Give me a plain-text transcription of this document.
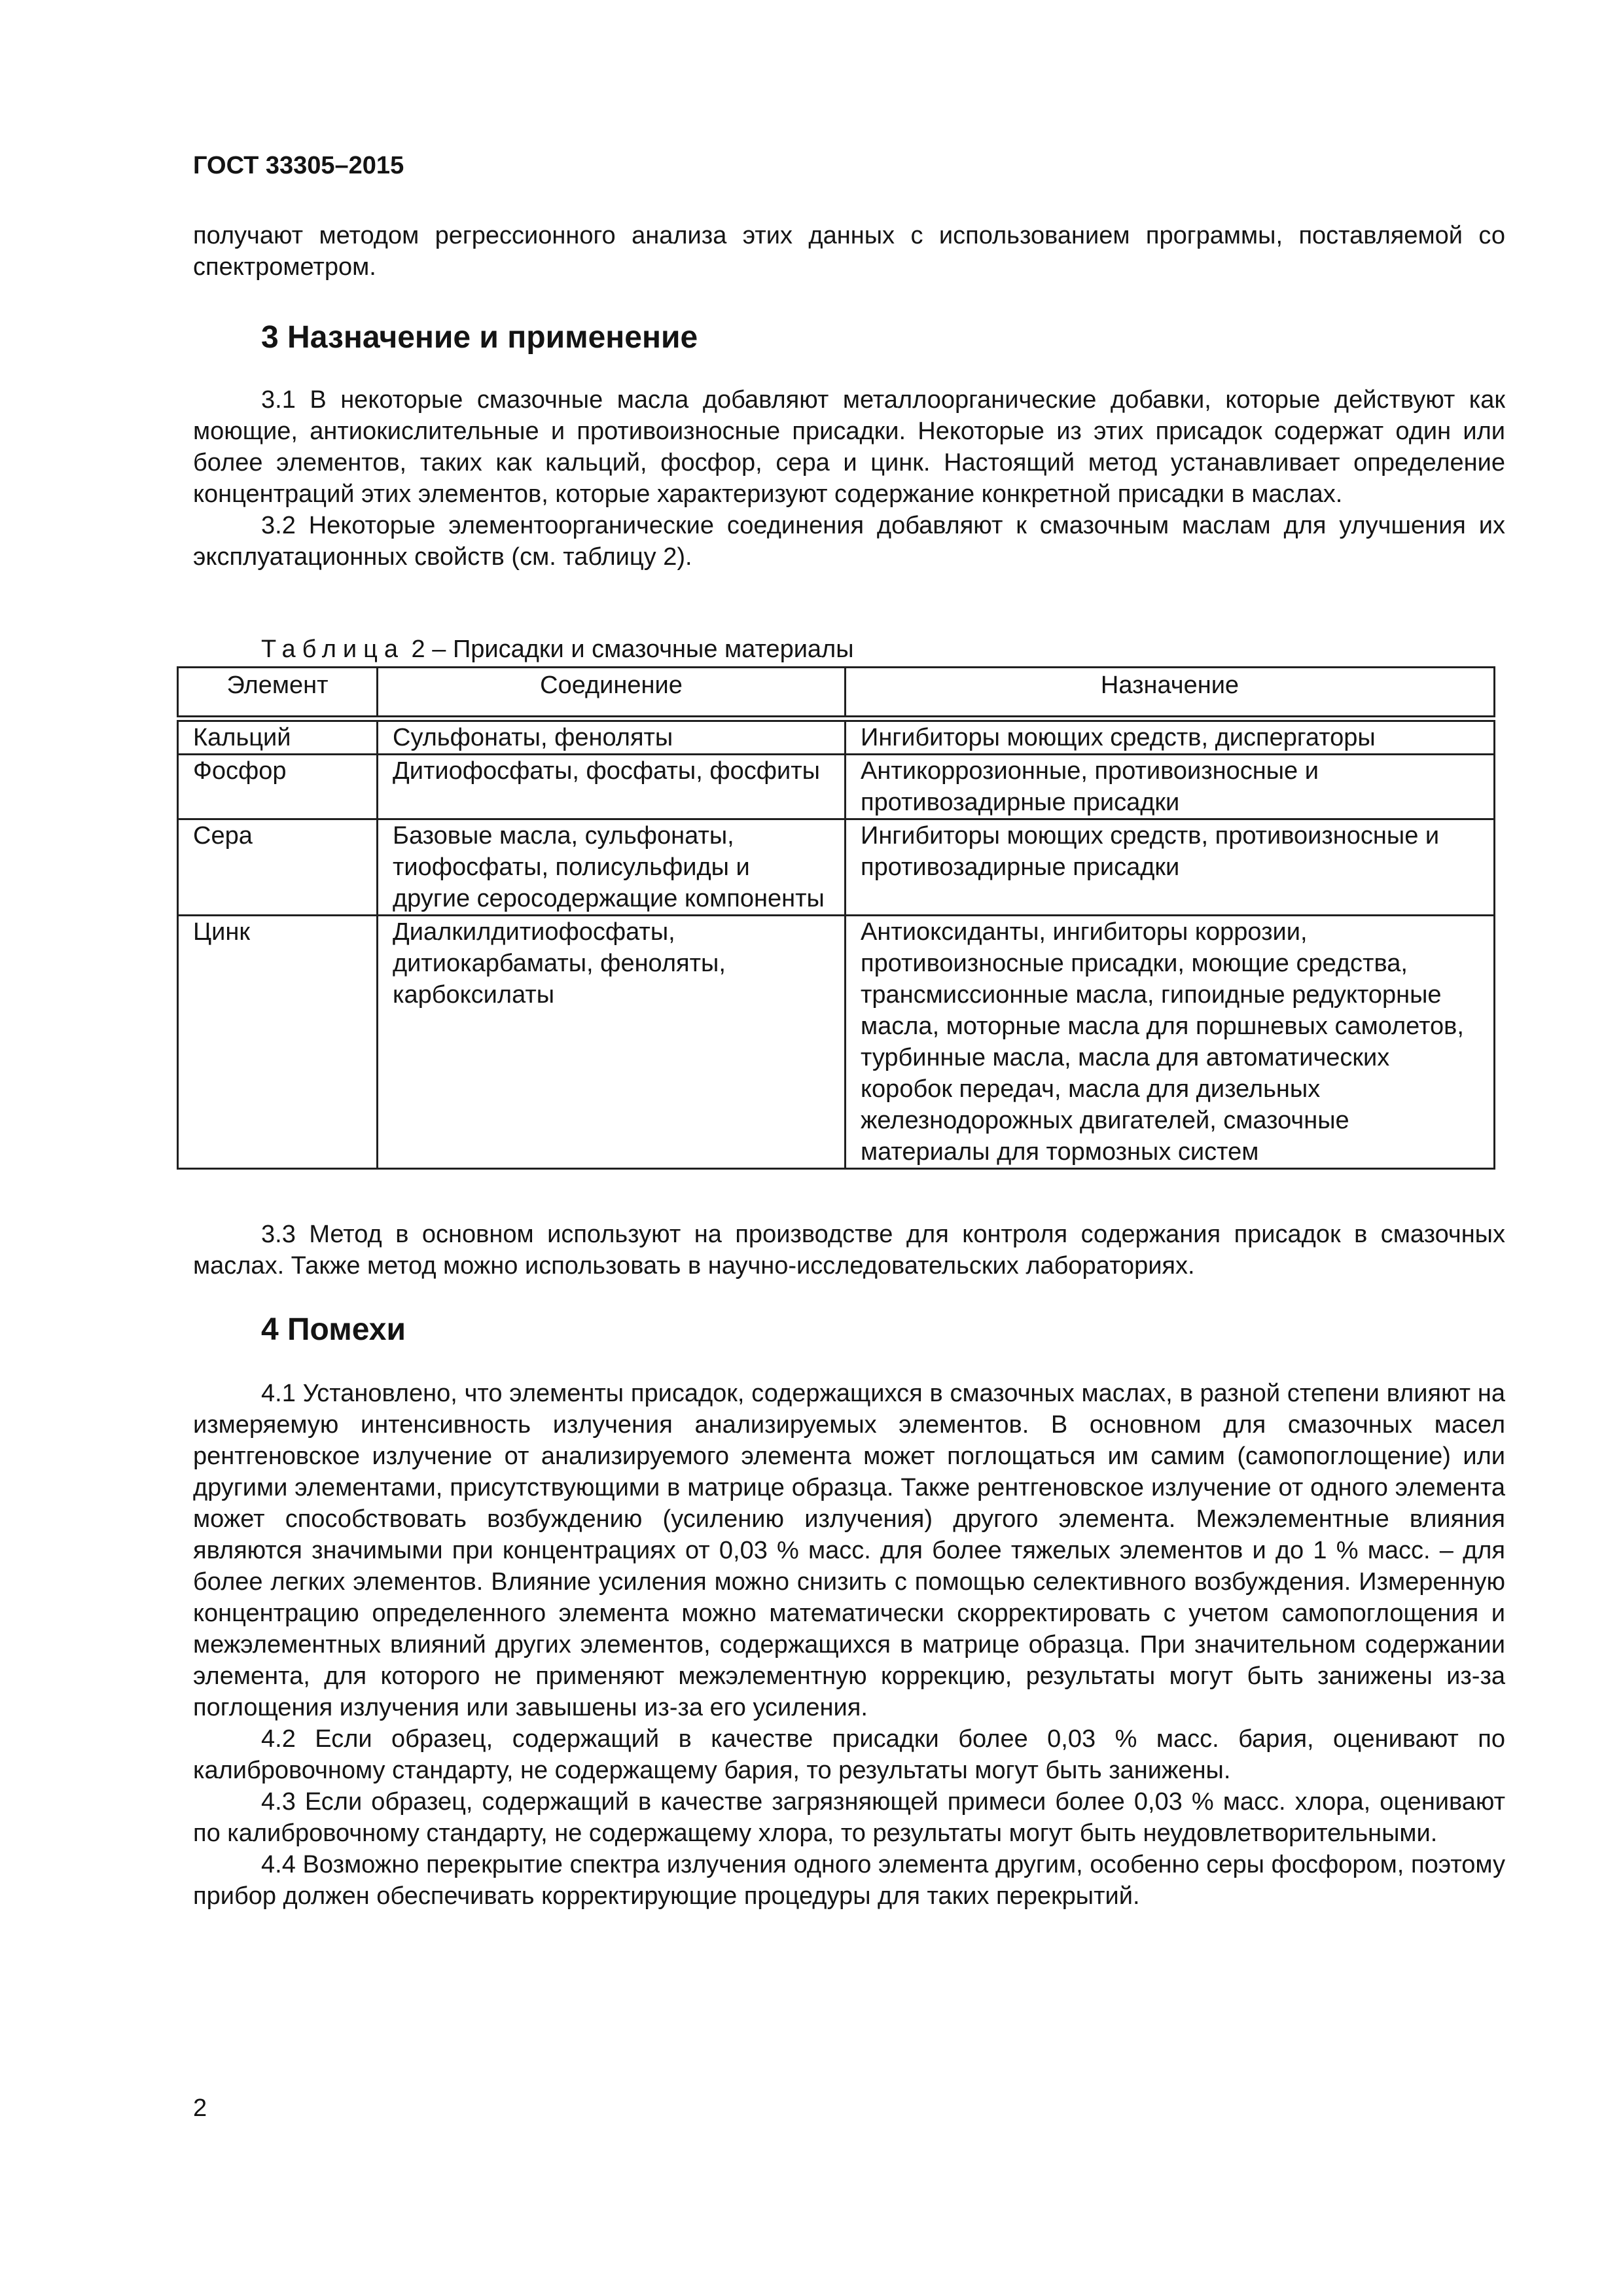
ГОСТ 33305–2015

получают методом регрессионного анализа этих данных с использованием программы, поставляемой со спектрометром.

3 Назначение и применение

3.1 В некоторые смазочные масла добавляют металлоорганические добавки, которые действуют как моющие, антиокислительные и противоизносные присадки. Некоторые из этих присадок содержат один или более элементов, таких как кальций, фосфор, сера и цинк. Настоящий метод устанавливает определение концентраций этих элементов, которые характеризуют содержание конкретной присадки в маслах.

3.2 Некоторые элементоорганические соединения добавляют к смазочным маслам для улучшения их эксплуатационных свойств (см. таблицу 2).

Таблица 2 – Присадки и смазочные материалы
Элемент	Соединение	Назначение
Кальций	Сульфонаты, феноляты	Ингибиторы моющих средств, диспергаторы
Фосфор	Дитиофосфаты, фосфаты, фосфиты	Антикоррозионные, противоизносные и противозадирные присадки
Сера	Базовые масла, сульфонаты, тиофосфаты, полисульфиды и другие серосодержащие компоненты	Ингибиторы моющих средств, противоизносные и противозадирные присадки
Цинк	Диалкилдитиофосфаты, дитиокарбаматы, феноляты, карбоксилаты	Антиоксиданты, ингибиторы коррозии, противоизносные присадки, моющие средства, трансмиссионные масла, гипоидные редукторные масла, моторные масла для поршневых самолетов, турбинные масла, масла для автоматических коробок передач, масла для дизельных железнодорожных двигателей, смазочные материалы для тормозных систем

3.3 Метод в основном используют на производстве для контроля содержания присадок в смазочных маслах. Также метод можно использовать в научно-исследовательских лабораториях.

4 Помехи

4.1 Установлено, что элементы присадок, содержащихся в смазочных маслах, в разной степени влияют на измеряемую интенсивность излучения анализируемых элементов. В основном для смазочных масел рентгеновское излучение от анализируемого элемента может поглощаться им самим (самопоглощение) или другими элементами, присутствующими в матрице образца. Также рентгеновское излучение от одного элемента может способствовать возбуждению (усилению излучения) другого элемента. Межэлементные влияния являются значимыми при концентрациях от 0,03 % масс. для более тяжелых элементов и до 1 % масс. – для более легких элементов. Влияние усиления можно снизить с помощью селективного возбуждения. Измеренную концентрацию определенного элемента можно математически скорректировать с учетом самопоглощения и межэлементных влияний других элементов, содержащихся в матрице образца. При значительном содержании элемента, для которого не применяют межэлементную коррекцию, результаты могут быть занижены из-за поглощения излучения или завышены из-за его усиления.

4.2 Если образец, содержащий в качестве присадки более 0,03 % масс. бария, оценивают по калибровочному стандарту, не содержащему бария, то результаты могут быть занижены.

4.3 Если образец, содержащий в качестве загрязняющей примеси более 0,03 % масс. хлора, оценивают по калибровочному стандарту, не содержащему хлора, то результаты могут быть неудовлетворительными.

4.4 Возможно перекрытие спектра излучения одного элемента другим, особенно серы фосфором, поэтому прибор должен обеспечивать корректирующие процедуры для таких перекрытий.

2
